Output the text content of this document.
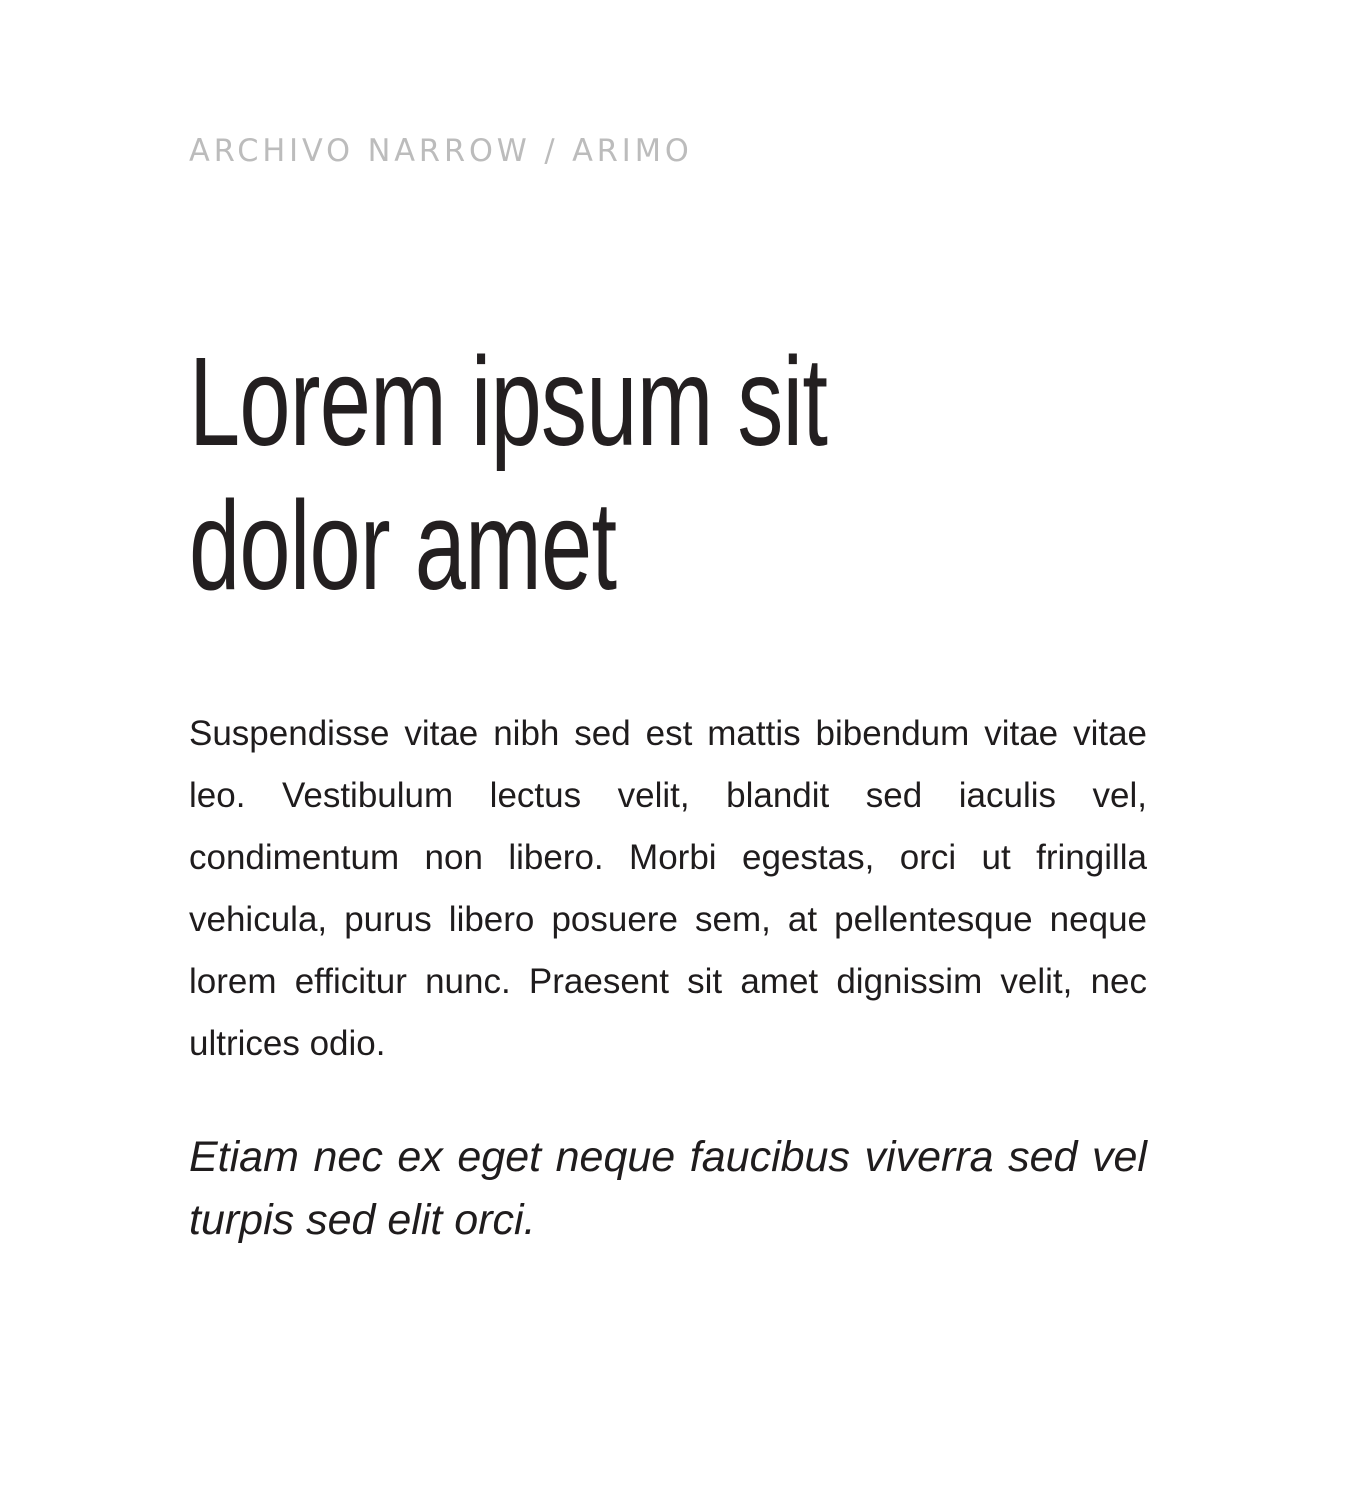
ARCHIVO NARROW / ARIMO

Lorem ipsum sit
dolor amet

Suspendisse vitae nibh sed est mattis bibendum vitae vitae leo. Vestibulum lectus velit, blandit sed iaculis vel, condimentum non libero. Morbi egestas, orci ut fringilla vehicula, purus libero posuere sem, at pellentesque neque lorem efficitur nunc. Praesent sit amet dignissim velit, nec ultrices odio.

Etiam nec ex eget neque faucibus viverra sed vel turpis sed elit orci.
